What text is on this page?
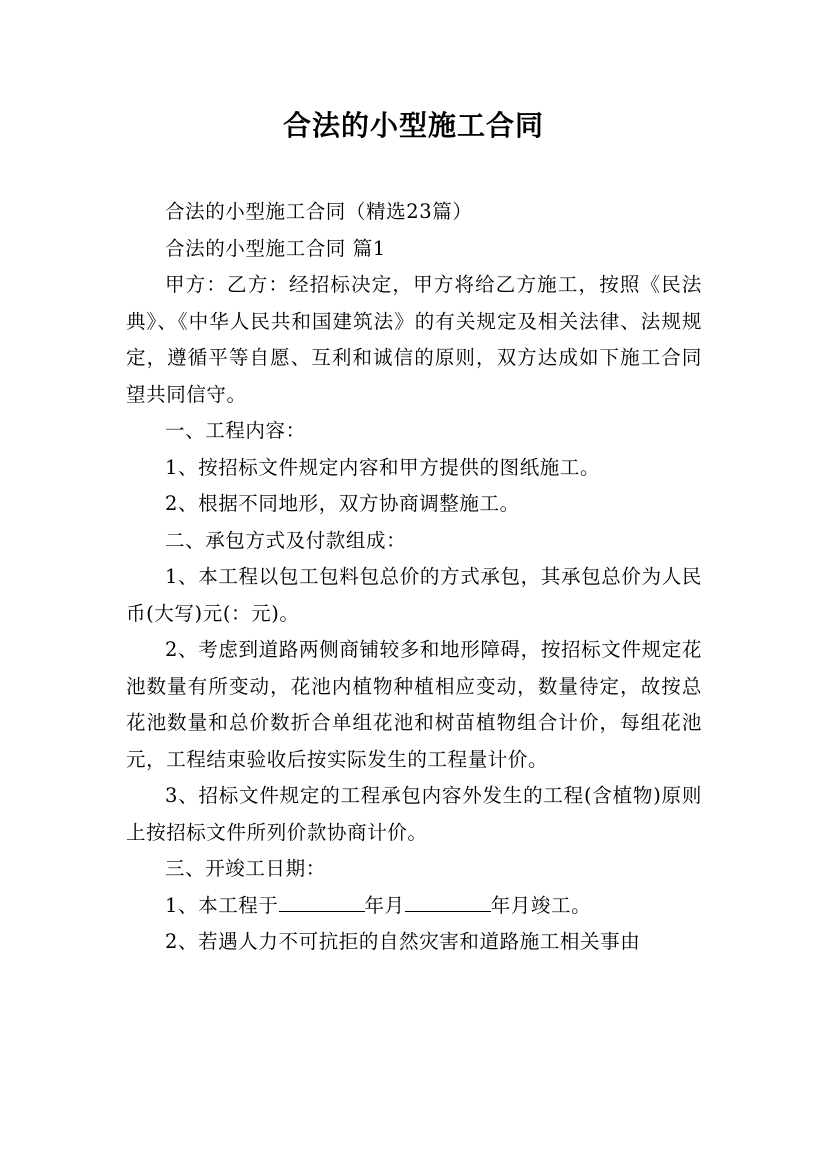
合法的小型施工合同

合法的小型施工合同（精选23篇）

合法的小型施工合同 篇1

甲方：乙方：经招标决定，甲方将给乙方施工，按照《民法典》、《中华人民共和国建筑法》的有关规定及相关法律、法规规定，遵循平等自愿、互利和诚信的原则，双方达成如下施工合同望共同信守。

一、工程内容：

1、按招标文件规定内容和甲方提供的图纸施工。

2、根据不同地形，双方协商调整施工。

二、承包方式及付款组成：

1、本工程以包工包料包总价的方式承包，其承包总价为人民币(大写)元(：元)。

2、考虑到道路两侧商铺较多和地形障碍，按招标文件规定花池数量有所变动，花池内植物种植相应变动，数量待定，故按总花池数量和总价数折合单组花池和树苗植物组合计价，每组花池 元，工程结束验收后按实际发生的工程量计价。

3、招标文件规定的工程承包内容外发生的工程(含植物)原则上按招标文件所列价款协商计价。

三、开竣工日期：

1、本工程于	年月	年月竣工。

2、若遇人力不可抗拒的自然灾害和道路施工相关事由
